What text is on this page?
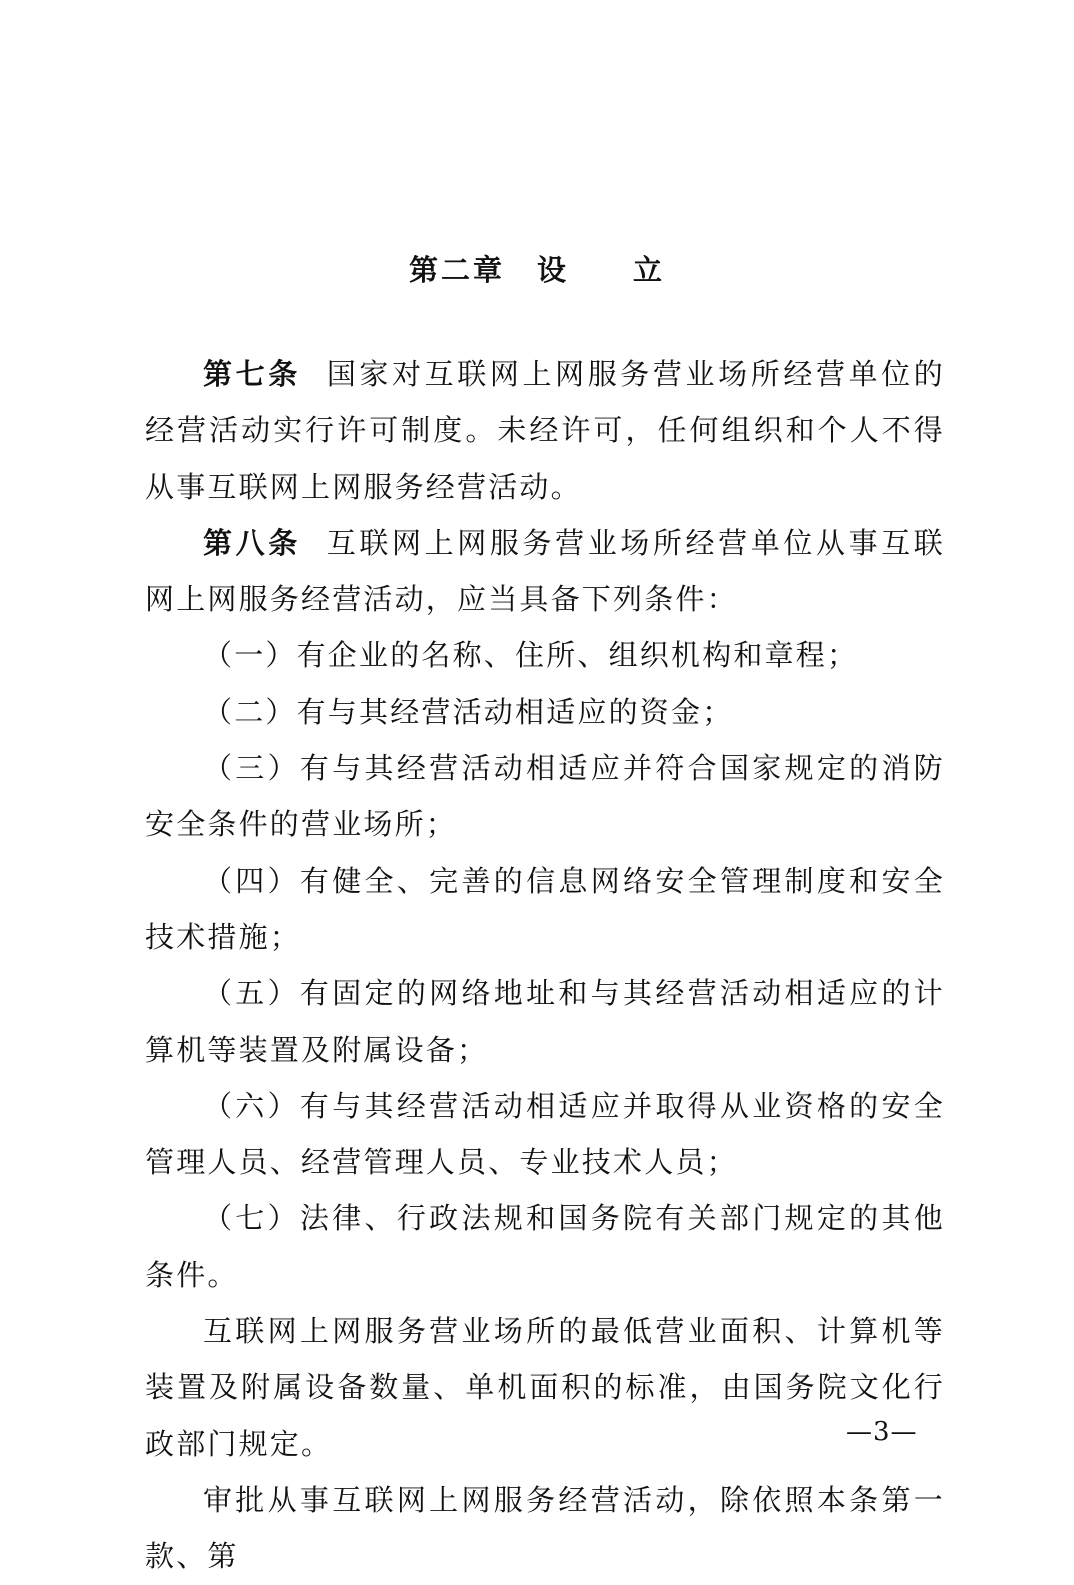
第二章　设　　立

第七条 国家对互联网上网服务营业场所经营单位的经营活动实行许可制度。未经许可，任何组织和个人不得从事互联网上网服务经营活动。

第八条 互联网上网服务营业场所经营单位从事互联网上网服务经营活动，应当具备下列条件：

（一）有企业的名称、住所、组织机构和章程；

（二）有与其经营活动相适应的资金；

（三）有与其经营活动相适应并符合国家规定的消防安全条件的营业场所；

（四）有健全、完善的信息网络安全管理制度和安全技术措施；

（五）有固定的网络地址和与其经营活动相适应的计算机等装置及附属设备；

（六）有与其经营活动相适应并取得从业资格的安全管理人员、经营管理人员、专业技术人员；

（七）法律、行政法规和国务院有关部门规定的其他条件。

互联网上网服务营业场所的最低营业面积、计算机等装置及附属设备数量、单机面积的标准，由国务院文化行政部门规定。

审批从事互联网上网服务经营活动，除依照本条第一款、第

—3—
